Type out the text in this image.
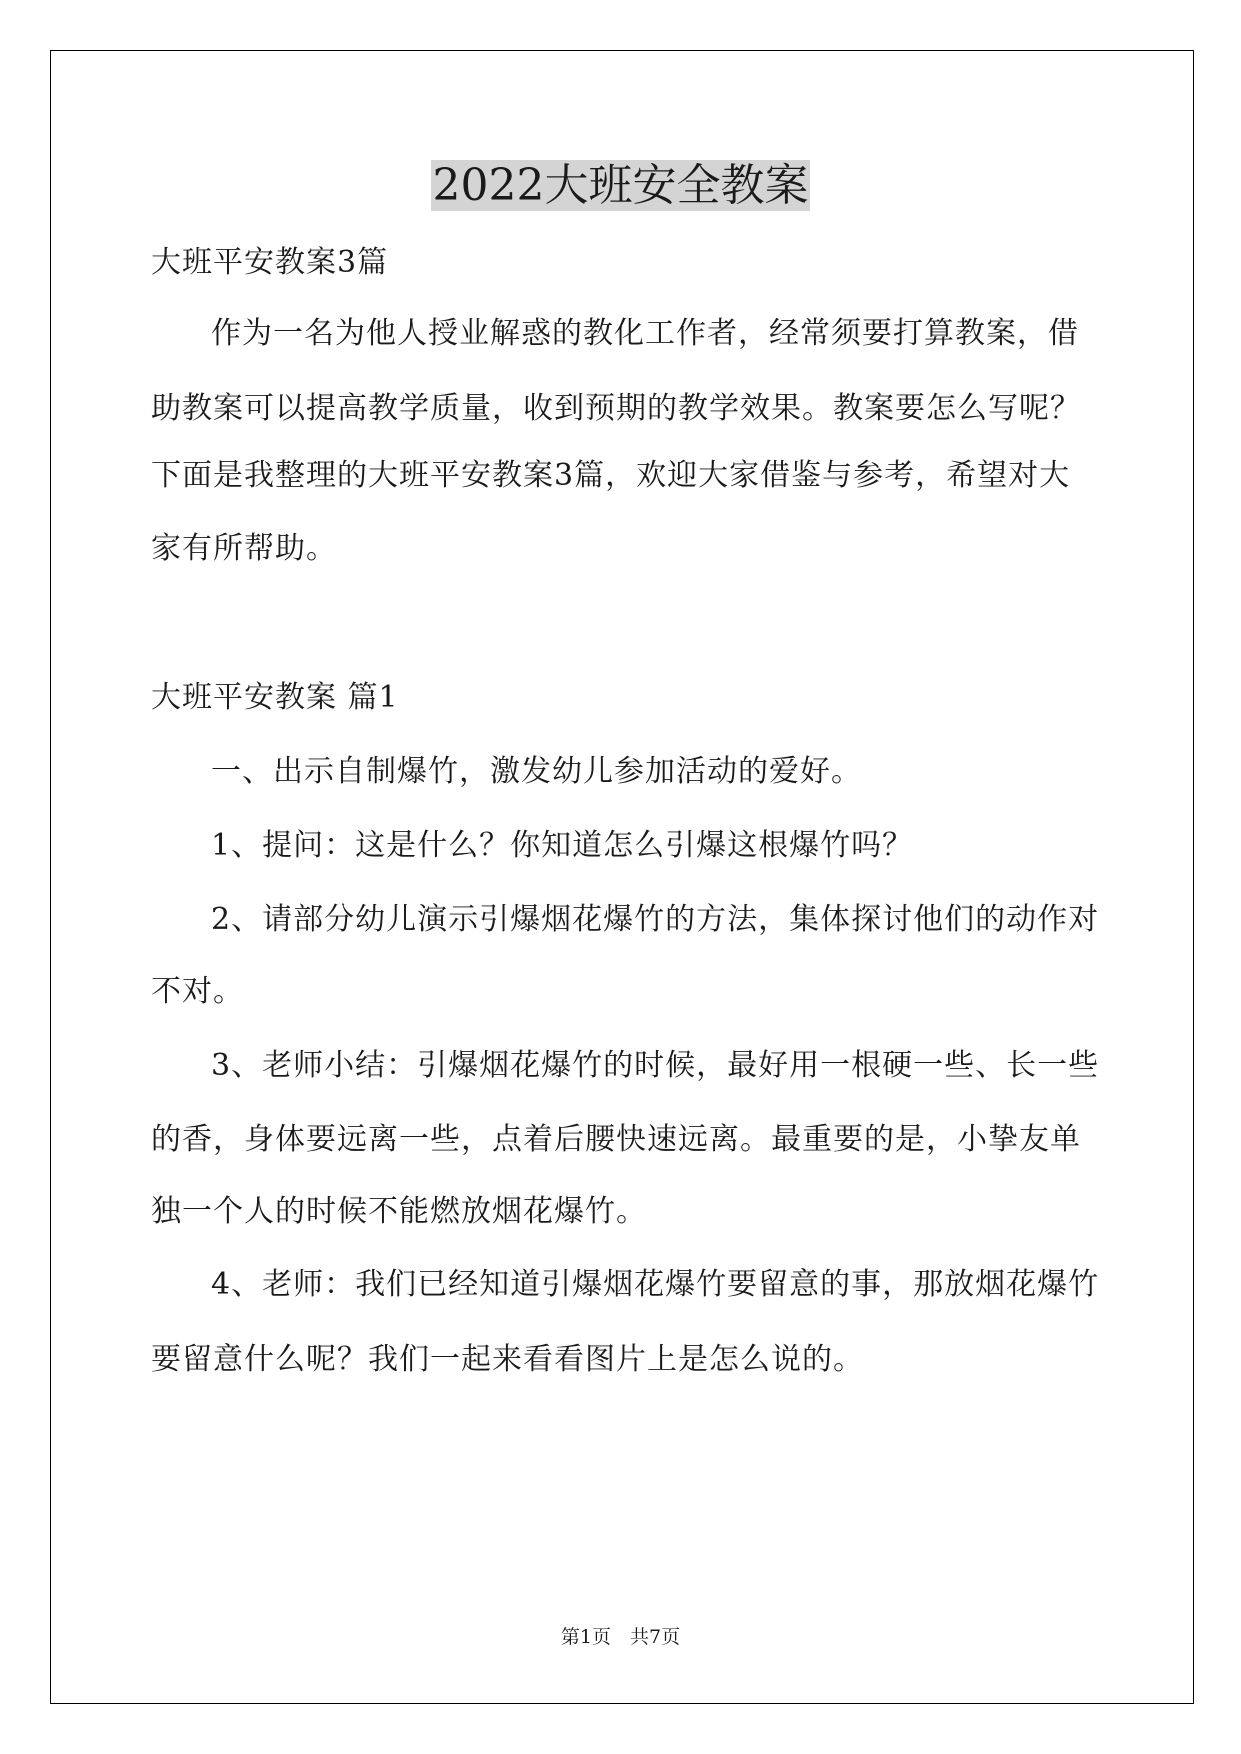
2022大班安全教案
大班平安教案3篇
作为一名为他人授业解惑的教化工作者，经常须要打算教案，借
助教案可以提高教学质量，收到预期的教学效果。教案要怎么写呢？
下面是我整理的大班平安教案3篇，欢迎大家借鉴与参考，希望对大
家有所帮助。
大班平安教案 篇1
一、出示自制爆竹，激发幼儿参加活动的爱好。
1、提问：这是什么？你知道怎么引爆这根爆竹吗？
2、请部分幼儿演示引爆烟花爆竹的方法，集体探讨他们的动作对
不对。
3、老师小结：引爆烟花爆竹的时候，最好用一根硬一些、长一些
的香，身体要远离一些，点着后腰快速远离。最重要的是，小挚友单
独一个人的时候不能燃放烟花爆竹。
4、老师：我们已经知道引爆烟花爆竹要留意的事，那放烟花爆竹
要留意什么呢？我们一起来看看图片上是怎么说的。
第1页　共7页
